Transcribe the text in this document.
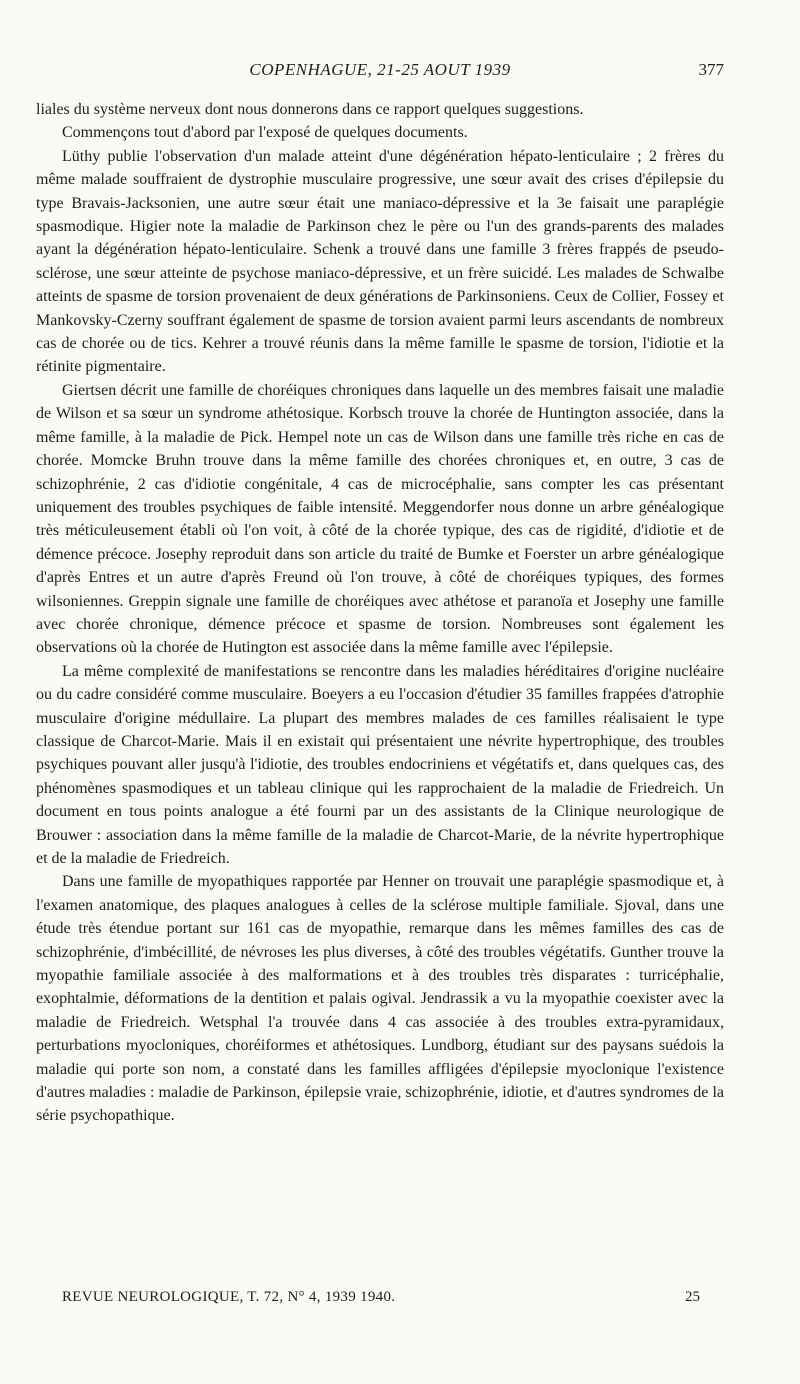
COPENHAGUE, 21-25 AOUT 1939	377

liales du système nerveux dont nous donnerons dans ce rapport quelques suggestions.

Commençons tout d'abord par l'exposé de quelques documents.

Lüthy publie l'observation d'un malade atteint d'une dégénération hépato-lenticulaire ; 2 frères du même malade souffraient de dystrophie musculaire progressive, une sœur avait des crises d'épilepsie du type Bravais-Jacksonien, une autre sœur était une maniaco-dépressive et la 3e faisait une paraplégie spasmodique. Higier note la maladie de Parkinson chez le père ou l'un des grands-parents des malades ayant la dégénération hépato-lenticulaire. Schenk a trouvé dans une famille 3 frères frappés de pseudo-sclérose, une sœur atteinte de psychose maniaco-dépressive, et un frère suicidé. Les malades de Schwalbe atteints de spasme de torsion provenaient de deux générations de Parkinsoniens. Ceux de Collier, Fossey et Mankovsky-Czerny souffrant également de spasme de torsion avaient parmi leurs ascendants de nombreux cas de chorée ou de tics. Kehrer a trouvé réunis dans la même famille le spasme de torsion, l'idiotie et la rétinite pigmentaire.

Giertsen décrit une famille de choréiques chroniques dans laquelle un des membres faisait une maladie de Wilson et sa sœur un syndrome athétosique. Korbsch trouve la chorée de Huntington associée, dans la même famille, à la maladie de Pick. Hempel note un cas de Wilson dans une famille très riche en cas de chorée. Momcke Bruhn trouve dans la même famille des chorées chroniques et, en outre, 3 cas de schizophrénie, 2 cas d'idiotie congénitale, 4 cas de microcéphalie, sans compter les cas présentant uniquement des troubles psychiques de faible intensité. Meggendorfer nous donne un arbre généalogique très méticuleusement établi où l'on voit, à côté de la chorée typique, des cas de rigidité, d'idiotie et de démence précoce. Josephy reproduit dans son article du traité de Bumke et Foerster un arbre généalogique d'après Entres et un autre d'après Freund où l'on trouve, à côté de choréiques typiques, des formes wilsoniennes. Greppin signale une famille de choréiques avec athétose et paranoïa et Josephy une famille avec chorée chronique, démence précoce et spasme de torsion. Nombreuses sont également les observations où la chorée de Hutington est associée dans la même famille avec l'épilepsie.

La même complexité de manifestations se rencontre dans les maladies héréditaires d'origine nucléaire ou du cadre considéré comme musculaire. Boeyers a eu l'occasion d'étudier 35 familles frappées d'atrophie musculaire d'origine médullaire. La plupart des membres malades de ces familles réalisaient le type classique de Charcot-Marie. Mais il en existait qui présentaient une névrite hypertrophique, des troubles psychiques pouvant aller jusqu'à l'idiotie, des troubles endocriniens et végétatifs et, dans quelques cas, des phénomènes spasmodiques et un tableau clinique qui les rapprochaient de la maladie de Friedreich. Un document en tous points analogue a été fourni par un des assistants de la Clinique neurologique de Brouwer : association dans la même famille de la maladie de Charcot-Marie, de la névrite hypertrophique et de la maladie de Friedreich.

Dans une famille de myopathiques rapportée par Henner on trouvait une paraplégie spasmodique et, à l'examen anatomique, des plaques analogues à celles de la sclérose multiple familiale. Sjoval, dans une étude très étendue portant sur 161 cas de myopathie, remarque dans les mêmes familles des cas de schizophrénie, d'imbécillité, de névroses les plus diverses, à côté des troubles végétatifs. Gunther trouve la myopathie familiale associée à des malformations et à des troubles très disparates : turricéphalie, exophtalmie, déformations de la dentition et palais ogival. Jendrassik a vu la myopathie coexister avec la maladie de Friedreich. Wetsphal l'a trouvée dans 4 cas associée à des troubles extra-pyramidaux, perturbations myocloniques, choréiformes et athétosiques. Lundborg, étudiant sur des paysans suédois la maladie qui porte son nom, a constaté dans les familles affligées d'épilepsie myoclonique l'existence d'autres maladies : maladie de Parkinson, épilepsie vraie, schizophrénie, idiotie, et d'autres syndromes de la série psychopathique.

REVUE NEUROLOGIQUE, T. 72, N° 4, 1939 1940.	25
